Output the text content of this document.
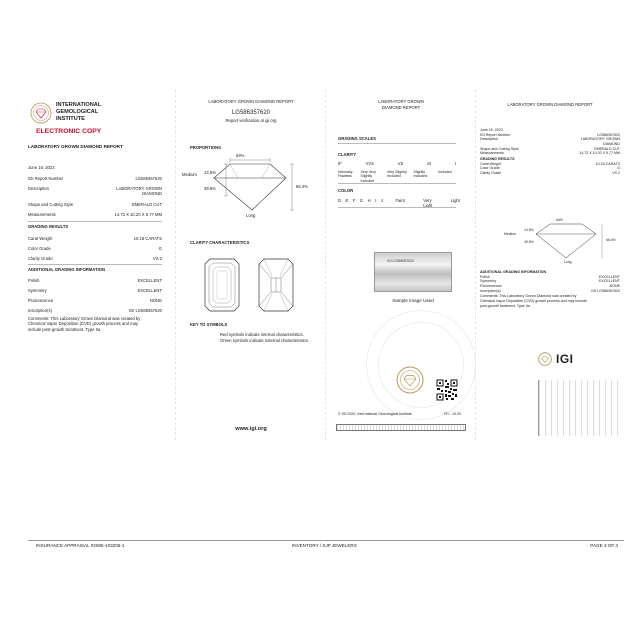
INTERNATIONAL
GEMOLOGICAL
INSTITUTE
ELECTRONIC COPY
LABORATORY GROWN DIAMOND REPORT
June 16, 2023
IGI Report Number	LG586357620
Description	LABORATORY GROWN DIAMOND
Shape and Cutting Style	EMERALD CUT
Measurements	14.72 X 10.20 X 6.77 MM
GRADING RESULTS
Carat Weight	10.18 CARATS
Color Grade	G
Clarity Grade	VS 2
ADDITIONAL GRADING INFORMATION
Polish	EXCELLENT
Symmetry	EXCELLENT
Fluorescence	NONE
Inscription(s)	IGI LG586357620
Comments: This Laboratory Grown Diamond was created by Chemical Vapor Deposition (CVD) growth process and may include post-growth treatment. Type IIa
LABORATORY GROWN DIAMOND REPORT
LG586357620
Report verification at igi.org
PROPORTIONS
64%
14.5%
49.5%	66.4%
Medium
Long
CLARITY CHARACTERISTICS
KEY TO SYMBOLS
Red symbols indicate internal characteristics.
Green symbols indicate external characteristics.
www.igi.org
LABORATORY GROWN
DIAMOND REPORT
GRADING SCALES
CLARITY
IF	VVS	VS	SI	I
Internally Flawless
Very Very Slightly Included
Very Slightly Included
Slightly Included
Included
COLOR
D E F G H I J	Faint	Very Light
Light
IGI LG586357620
Sample Image Used
© IGI 2020, International Gemological Institute	FD - 10.20
LABORATORY GROWN DIAMOND REPORT
June 16, 2023
IGI Report Number	LG586357620
Description	LABORATORY GROWN DIAMOND
Shape and Cutting Style	EMERALD CUT
Measurements	14.72 X 10.20 X 6.77 MM
GRADING RESULTS
Carat Weight	10.18 CARATS
Color Grade	G
Clarity Grade	VS 2
64%
14.5%
49.5%	66.4%
Medium
Long
ADDITIONAL GRADING INFORMATION
Polish	EXCELLENT
Symmetry	EXCELLENT
Fluorescence	NONE
Inscription(s)	IGI LG586357620
Comments: This Laboratory Grown Diamond was created by Chemical Vapor Deposition (CVD) growth process and may include post-growth treatment. Type IIa
IGI
INSURANCE APPRAISAL #2085-103206-1	INVENTORY / SJP JEWELERS	PAGE 3 OF 3
